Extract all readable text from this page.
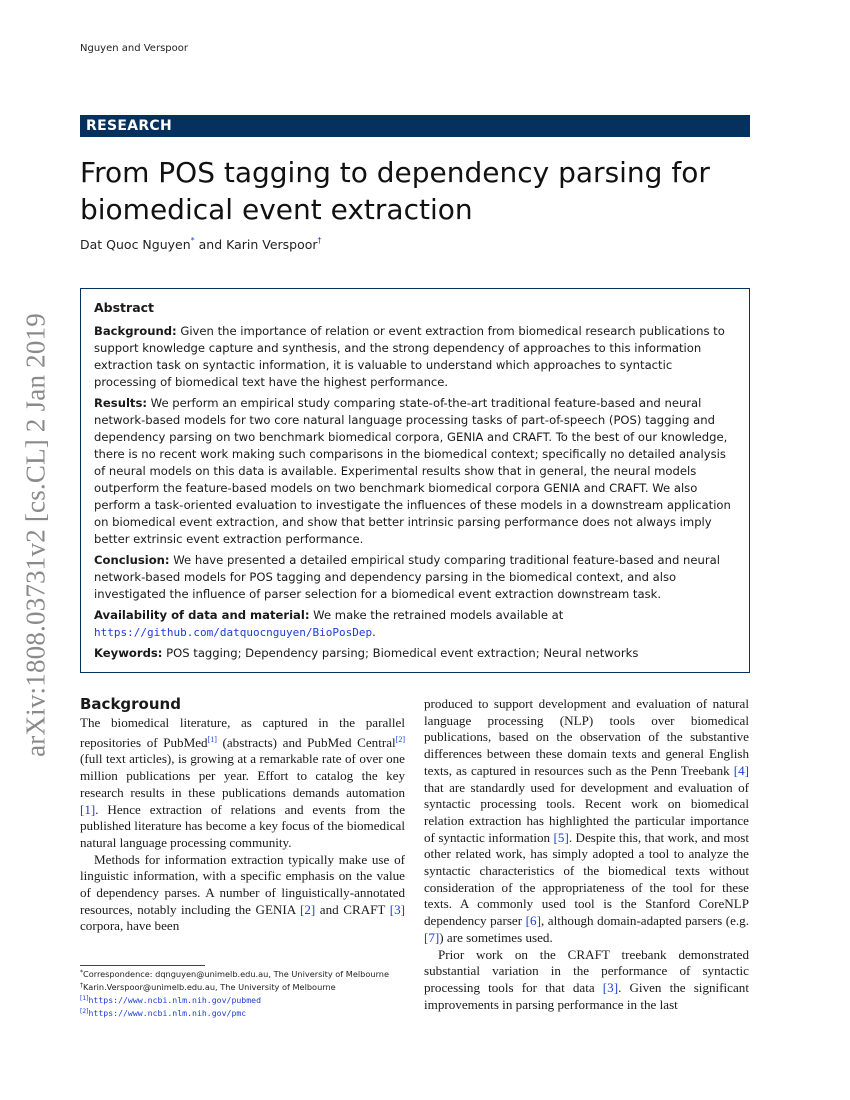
Nguyen and Verspoor
RESEARCH
From POS tagging to dependency parsing for biomedical event extraction
Dat Quoc Nguyen* and Karin Verspoor†
arXiv:1808.03731v2 [cs.CL] 2 Jan 2019
Abstract

Background: Given the importance of relation or event extraction from biomedical research publications to support knowledge capture and synthesis, and the strong dependency of approaches to this information extraction task on syntactic information, it is valuable to understand which approaches to syntactic processing of biomedical text have the highest performance.

Results: We perform an empirical study comparing state-of-the-art traditional feature-based and neural network-based models for two core natural language processing tasks of part-of-speech (POS) tagging and dependency parsing on two benchmark biomedical corpora, GENIA and CRAFT. To the best of our knowledge, there is no recent work making such comparisons in the biomedical context; specifically no detailed analysis of neural models on this data is available. Experimental results show that in general, the neural models outperform the feature-based models on two benchmark biomedical corpora GENIA and CRAFT. We also perform a task-oriented evaluation to investigate the influences of these models in a downstream application on biomedical event extraction, and show that better intrinsic parsing performance does not always imply better extrinsic event extraction performance.

Conclusion: We have presented a detailed empirical study comparing traditional feature-based and neural network-based models for POS tagging and dependency parsing in the biomedical context, and also investigated the influence of parser selection for a biomedical event extraction downstream task.

Availability of data and material: We make the retrained models available at
https://github.com/datquocnguyen/BioPosDep.

Keywords: POS tagging; Dependency parsing; Biomedical event extraction; Neural networks

Background

The biomedical literature, as captured in the parallel repositories of PubMed[1] (abstracts) and PubMed Central[2] (full text articles), is growing at a remarkable rate of over one million publications per year. Effort to catalog the key research results in these publications demands automation [1]. Hence extraction of relations and events from the published literature has become a key focus of the biomedical natural language processing community.

Methods for information extraction typically make use of linguistic information, with a specific emphasis on the value of dependency parses. A number of linguistically-annotated resources, notably including the GENIA [2] and CRAFT [3] corpora, have been

produced to support development and evaluation of natural language processing (NLP) tools over biomedical publications, based on the observation of the substantive differences between these domain texts and general English texts, as captured in resources such as the Penn Treebank [4] that are standardly used for development and evaluation of syntactic processing tools. Recent work on biomedical relation extraction has highlighted the particular importance of syntactic information [5]. Despite this, that work, and most other related work, has simply adopted a tool to analyze the syntactic characteristics of the biomedical texts without consideration of the appropriateness of the tool for these texts. A commonly used tool is the Stanford CoreNLP dependency parser [6], although domain-adapted parsers (e.g. [7]) are sometimes used.

Prior work on the CRAFT treebank demonstrated substantial variation in the performance of syntactic processing tools for that data [3]. Given the significant improvements in parsing performance in the last

*Correspondence: dqnguyen@unimelb.edu.au, The University of Melbourne
†Karin.Verspoor@unimelb.edu.au, The University of Melbourne
[1]https://www.ncbi.nlm.nih.gov/pubmed
[2]https://www.ncbi.nlm.nih.gov/pmc
